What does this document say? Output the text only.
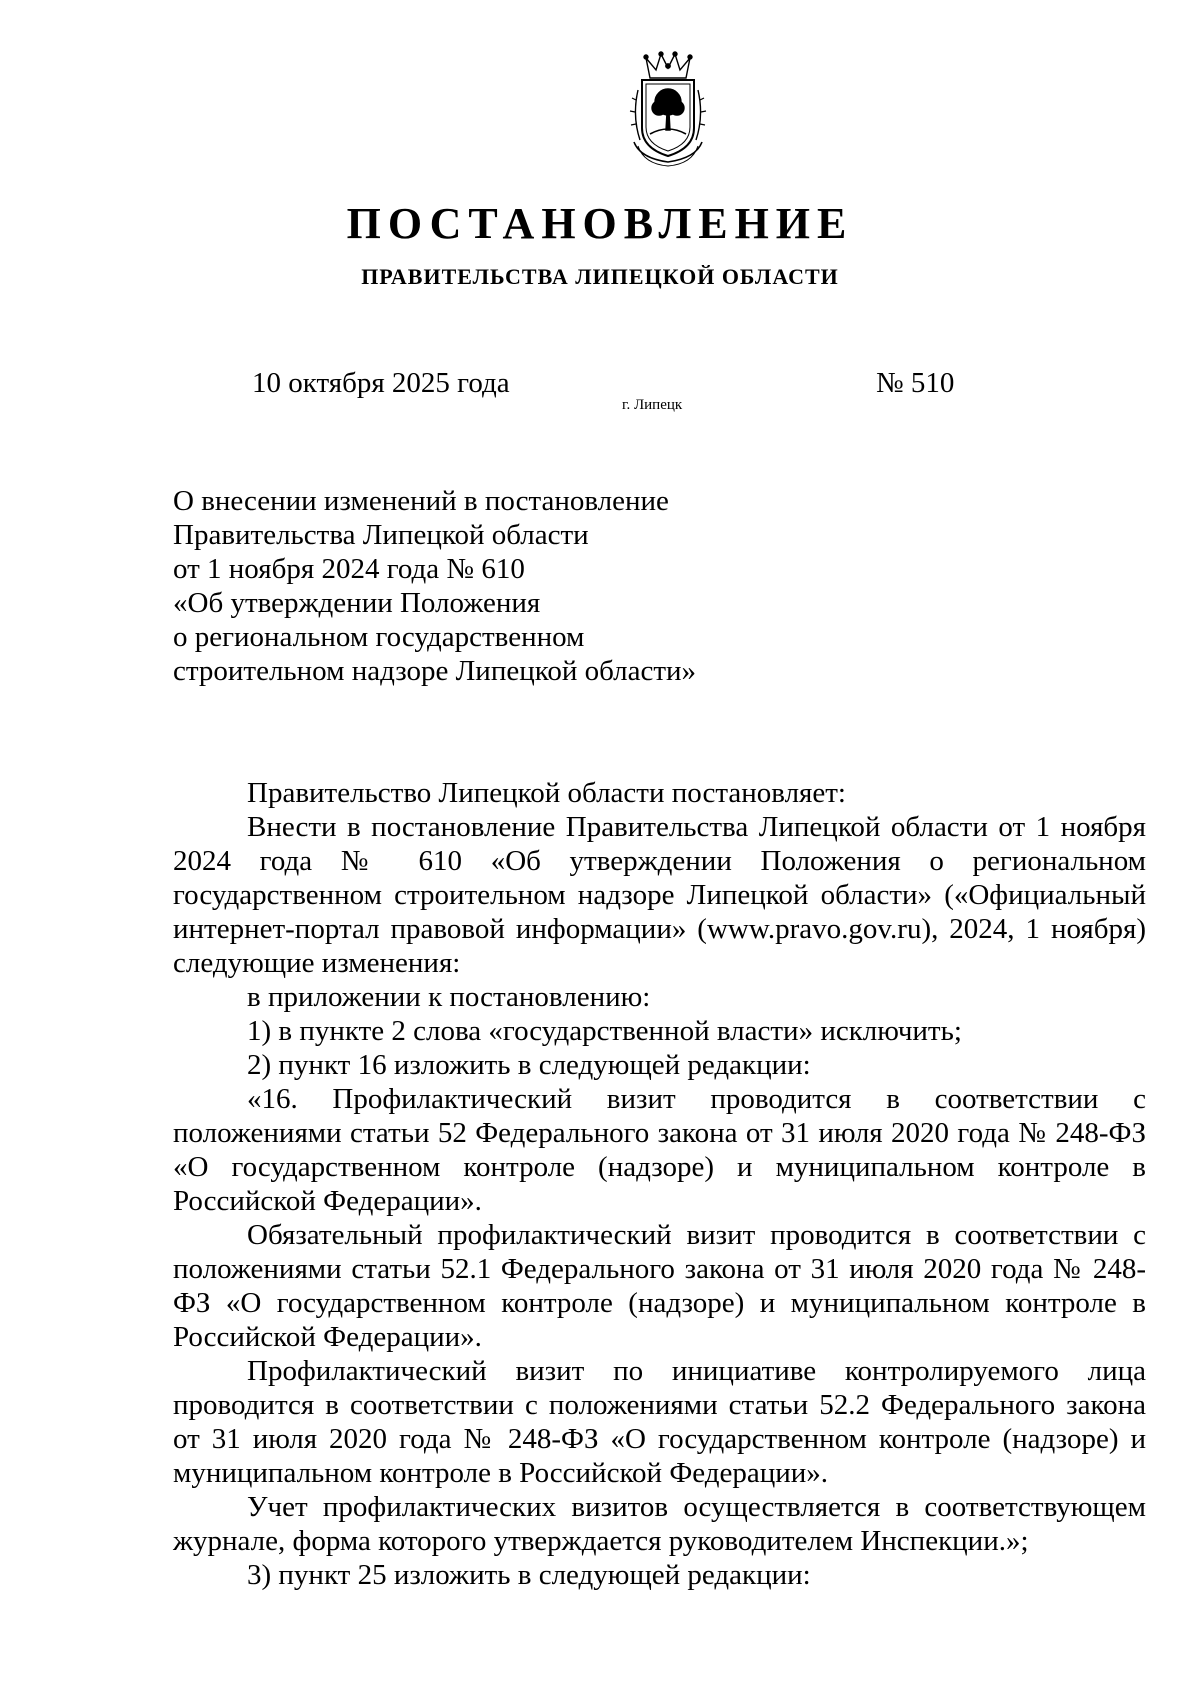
ПОСТАНОВЛЕНИЕ
ПРАВИТЕЛЬСТВА ЛИПЕЦКОЙ ОБЛАСТИ
10 октября 2025 года
г. Липецк
№ 510
О внесении изменений в постановление
Правительства Липецкой области
от 1 ноября 2024 года № 610
«Об утверждении Положения
о региональном государственном
строительном надзоре Липецкой области»

Правительство Липецкой области постановляет:

Внести в постановление Правительства Липецкой области от 1 ноября 2024 года № 610 «Об утверждении Положения о региональном государственном строительном надзоре Липецкой области» («Официальный интернет-портал правовой информации» (www.pravo.gov.ru), 2024, 1 ноября) следующие изменения:

в приложении к постановлению:

1) в пункте 2 слова «государственной власти» исключить;

2) пункт 16 изложить в следующей редакции:

«16. Профилактический визит проводится в соответствии с положениями статьи 52 Федерального закона от 31 июля 2020 года № 248-ФЗ «О государственном контроле (надзоре) и муниципальном контроле в Российской Федерации».

Обязательный профилактический визит проводится в соответствии с положениями статьи 52.1 Федерального закона от 31 июля 2020 года № 248-ФЗ «О государственном контроле (надзоре) и муниципальном контроле в Российской Федерации».

Профилактический визит по инициативе контролируемого лица проводится в соответствии с положениями статьи 52.2 Федерального закона от 31 июля 2020 года № 248-ФЗ «О государственном контроле (надзоре) и муниципальном контроле в Российской Федерации».

Учет профилактических визитов осуществляется в соответствующем журнале, форма которого утверждается руководителем Инспекции.»;

3) пункт 25 изложить в следующей редакции:
